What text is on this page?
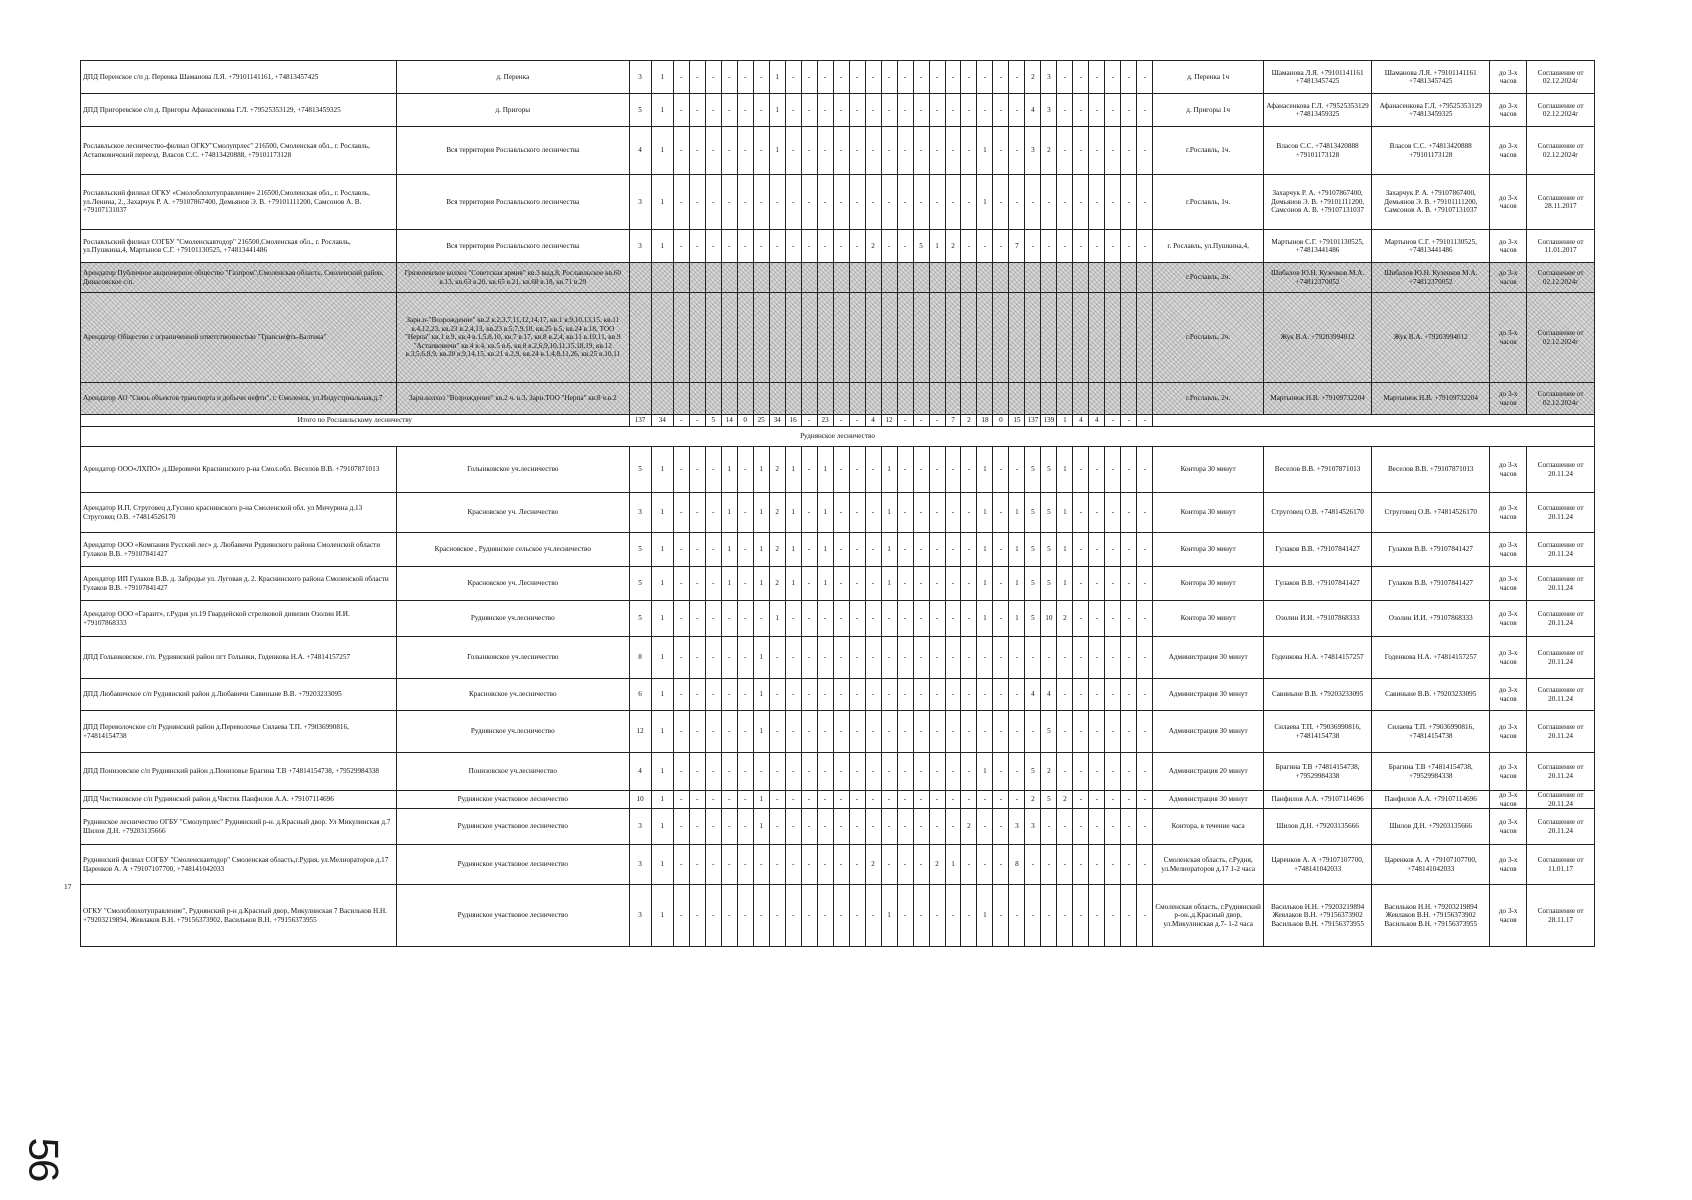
ДПД Перенское с/п д. Перенка Шаманова Л.Я. +79101141161, +74813457425	д. Перенка	3	1	-	-	-	-	-	-	1	-	-	-	-	-	-	-	-	-	-	-	-	-	-	-	2	3	-	-	-	-	-	-	д. Перенка 1ч	Шаманова Л.Я. +79101141161 +74813457425	Шаманова Л.Я. +79101141161 +74813457425	до 3-х часов	Соглашение от 02.12.2024г
ДПД Пригоревское с/п д. Пригоры Афанасенкова Г.Л. +79525353129, +74813459325	д. Пригоры	5	1	-	-	-	-	-	-	1	-	-	-	-	-	-	-	-	-	-	-	-	-	-	-	4	3	-	-	-	-	-	-	д. Пригоры 1ч	Афанасенкова Г.Л. +79525353129 +74813459325	Афанасенкова Г.Л. +79525353129 +74813459325	до 3-х часов	Соглашение от 02.12.2024г
Рославльское лесничество-филиал ОГКУ"Смолупрлес" 216500, Смоленская обл., г. Рославль, Астапковичский переезд. Власов С.С. +74813420888, +79101173128	Вся территория Рославльского лесничества	4	1	-	-	-	-	-	-	1	-	-	-	-	-	-	-	-	-	-	-	-	1	-	-	3	2	-	-	-	-	-	-	г.Рославль, 1ч.	Власов С.С. +74813420888 +79101173128	Власов С.С. +74813420888 +79101173128	до 3-х часов	Соглашение от 02.12.2024г
Рославльский филиал ОГКУ «Смолоблохотуправление» 216500,Смоленская обл., г. Рославль, ул.Ленина, 2., Захарчук Р. А. +79107867400, Демьянов Э. В. +79101111200, Самсонов А. В. +79107131037	Вся территория Рославльского лесничества	3	1	-	-	-	-	-	-	-	-	-	-	-	-	-	-	-	-	-	-	-	1	-	-	-	-	-	-	-	-	-	-	г.Рославль, 1ч.	Захарчук Р. А. +79107867400, Демьянов Э. В. +79101111200, Самсонов А. В. +79107131037	Захарчук Р. А. +79107867400, Демьянов Э. В. +79101111200, Самсонов А. В. +79107131037	до 3-х часов	Соглашение от 28.11.2017
Рославльский филиал СОГБУ "Смоленскавтодор" 216500,Смоленская обл., г. Рославль, ул.Пушкина,4, Мартынов С.Г. +79101130525, +74813441486	Вся территория Рославльского лесничества	3	1	-	-	-	-	-	-	-	-	-	-	-	-	2	-	-	5	1	2	-	-	-	7	-	-	-	-	-	-	-	-	г. Рославль, ул.Пушкина,4,	Мартынов С.Г. +79101130525, +74813441486	Мартынов С.Г. +79101130525, +74813441486	до 3-х часов	Соглашение от 11.01.2017
Арендатор Публичное акционерное общество "Газпром",Смоленская область, Смоленский район, Дивасовское с/п.	Грязеневское колхоз "Советская армия" кв.3 выд.8, Рославльское кв.60 в.13, кв.63 в.20, кв.65 в.21, кв.68 в.18, кв.71 в.29																																	г.Рославль, 2ч.	Шибалов Ю.Н. Кузенков М.А. +74812370052	Шибалов Ю.Н. Кузенков М.А. +74812370052	до 3-х часов	Соглашение от 02.12.2024г
Арендатор Общество с ограниченной ответственностью "Транснефть-Балтика"	Зарн.п-"Возрождение" кв.2 в.2,3,7,11,12,14,17, кв.1 в.9,10,13,15, кв.11 в.4,12,23, кв.23 в.2,4,13, кв.23 в.5,7,9,10, кв.25 в.5, кв.24 в.18, ТОО "Нерпа" кв.1 в.9, кв.4 в.1,5,8,10, кв.7 в.17, кв.8 в.2,4, кв.11 в.10,11, кв.9 "Астапковичи" кв.4 в.4, кв.5 в.6, кв.8 в.2,6,9,10,11,15,18,19, кв.12 в.3,5,6,8,9, кв.20 в.9,14,15, кв.21 в.2,9, кв.24 в.1,4,8,11,26, кв.25 в.10,11																																	г.Рославль, 2ч.	Жук В.А. +79203994012	Жук В.А. +79203994012	до 3-х часов	Соглашение от 02.12.2024г
Арендатор АО "Связь объектов транспорта и добычи нефти", г. Смоленск, ул.Индустриальная,д.7	Зарн.колхоз "Возрождение" кв.2 ч. в.3, Зарн.ТОО "Нерпа" кв.8 ч.в.2																																	г.Рославль, 2ч.	Мартынюк Н.В. +79109732204	Мартынюк Н.В. +79109732204	до 3-х часов	Соглашение от 02.12.2024г
Итого по Рославльскому лесничеству		137	34	-	-	5	14	0	25	34	16	-	23	-	-	4	12	-	-	-	7	2	18	0	15	137	139	1	4	4	-	-	-					
Руднянское лесничество																																						
Арендатор ООО«ЛХПО» д.Шеровичи Краснинского р-на Смол.обл. Веселов В.В. +79107871013	Голынковское уч.лесничество	5	1	-	-	-	1	-	1	2	1	-	1	-	-	-	1	-	-	-	-	-	1	-	-	5	5	1	-	-	-	-	-	Контора 30 минут	Веселов В.В. +79107871013	Веселов В.В. +79107871013	до 3-х часов	Соглашение от 20.11.24
Арендатор И.П. Струговец д.Гусино краснинского р-на Смоленской обл. ул Мичурина д.13 Струговец О.В. +74814526170	Красновское уч. Лесничество	3	1	-	-	-	1	-	1	2	1	-	1	-	-	-	1	-	-	-	-	-	1	-	1	5	5	1	-	-	-	-	-	Контора 30 минут	Струговец О.В. +74814526170	Струговец О.В. +74814526170	до 3-х часов	Соглашение от 20.11.24
Арендатор ООО «Компания Русский лес» д. Любавичи Руднянского района Смоленской области Гулаков В.В. +79107841427	Красновское , Руднянское сельское уч.лесничество	5	1	-	-	-	1	-	1	2	1	-	1	-	-	-	1	-	-	-	-	-	1	-	1	5	5	1	-	-	-	-	-	Контора 30 минут	Гулаков В.В. +79107841427	Гулаков В.В. +79107841427	до 3-х часов	Соглашение от 20.11.24
Арендатор ИП Гулаков В.В. д. Забродье ул. Луговая д. 2. Краснинского района Смоленской области Гулаков В.В. +79107841427	Красновское уч. Лесничество	5	1	-	-	-	1	-	1	2	1	-	1	-	-	-	1	-	-	-	-	-	1	-	1	5	5	1	-	-	-	-	-	Контора 30 минут	Гулаков В.В. +79107841427	Гулаков В.В. +79107841427	до 3-х часов	Соглашение от 20.11.24
Арендатор ООО «Гарант», г.Рудня ул.19 Гвардейской стрелковой дивизии Озолин И.И. +79107868333	Руднянское уч.лесничество	5	1	-	-	-	-	-	-	1	-	-	-	-	-	-	-	-	-	-	-	-	1	-	1	5	10	2	-	-	-	-	-	Контора 30 минут	Озолин И.И. +79107868333	Озолин И.И. +79107868333	до 3-х часов	Соглашение от 20.11.24
ДПД Голынковское. г/п. Руднянский район пгт Голынки, Годенкова Н.А. +74814157257	Голынковское уч.лесничество	8	1	-	-	-	-	-	1	-	-	-	-	-	-	-	-	-	-	-	-	-	-	-	-	-	-	-	-	-	-	-	-	Администрация 30 минут	Годенкова Н.А. +74814157257	Годенкова Н.А. +74814157257	до 3-х часов	Соглашение от 20.11.24
ДПД Любавичское с/п Руднянский район д.Любавичи Савиныне В.В. +79203233095	Красновское уч.лесничество	6	1	-	-	-	-	-	1	-	-	-	-	-	-	-	-	-	-	-	-	-	-	-	-	4	4	-	-	-	-	-	-	Администрация 30 минут	Савиныне В.В. +79203233095	Савиныне В.В. +79203233095	до 3-х часов	Соглашение от 20.11.24
ДПД Переволочское с/п Руднянский район д.Переволочье Силаева Т.П. +79036990816, +74814154738	Руднянское уч.лесничество	12	1	-	-	-	-	-	1	-	-	-	-	-	-	-	-	-	-	-	-	-	-	-	-	-	5	-	-	-	-	-	-	Администрация 30 минут	Силаева Т.П. +79036990816, +74814154738	Силаева Т.П. +79036990816, +74814154738	до 3-х часов	Соглашение от 20.11.24
ДПД Понизовское с/п Руднянский район д.Понизовье Брагина Т.В +74814154738, +79529984338	Понизовское уч.лесничество	4	1	-	-	-	-	-	-	-	-	-	-	-	-	-	-	-	-	-	-	-	1	-	-	5	2	-	-	-	-	-	-	Администрация 20 минут	Брагина Т.В +74814154738, +79529984338	Брагина Т.В +74814154738, +79529984338	до 3-х часов	Соглашение от 20.11.24
ДПД Чистиковское с/п Руднянский район д.Чистик Панфилов А.А. +79107114696	Руднянское участковое лесничество	10	1	-	-	-	-	-	1	-	-	-	-	-	-	-	-	-	-	-	-	-	-	-	-	2	5	2	-	-	-	-	-	Администрация 30 минут	Панфилов А.А. +79107114696	Панфилов А.А. +79107114696	до 3-х часов	Соглашение от 20.11.24
Руднянское лесничество ОГБУ "Смолупрлес" Руднянский р-н. д.Красный двор. Ул Микулинская д.7 Шилов Д.Н. +79203135666	Руднянское участковое лесничество	3	1	-	-	-	-	-	1	-	-	-	-	-	-	-	-	-	-	-	-	2	-	-	3	3	-	-	-	-	-	-	-	Контора, в течение часа	Шилов Д.Н. +79203135666	Шилов Д.Н. +79203135666	до 3-х часов	Соглашение от 20.11.24
Руднянский филиал СОГБУ "Смоленскавтодор" Смоленская область,г.Рудня, ул.Мелиораторов д.17 Царенков А. А +79107107700, +748141042033	Руднянское участковое лесничество	3	1	-	-	-	-	-	-	-	-	-	-	-	-	2	-	-	-	2	1	-	-	-	8	-	-	-	-	-	-	-	-	Смоленская область, г.Рудня, ул.Мелиораторов д.17 1-2 часа	Царенков А. А +79107107700, +748141042033	Царенков А. А +79107107700, +748141042033	до 3-х часов	Соглашение от 11.01.17
ОГКУ "Смолоблохотуправление", Руднянский р-н д.Красный двор, Микулинская 7 Васильков Н.Н. +79203219894, Жевлаков В.Н. +79156373902, Васильков В.Н. +79156373955	Руднянское участковое лесничество	3	1	-	-	-	-	-	-	-	-	-	-	-	-	-	1	-	-	-	-	-	1	-	-	-	-	-	-	-	-	-	-	Смоленская область, г.Руднянский р-он.,д.Красный двор, ул.Микулинская д.7- 1-2 часа	Васильков Н.Н. +79203219894 Жевлаков В.Н. +79156373902 Васильков В.Н. +79156373955	Васильков Н.Н. +79203219894 Жевлаков В.Н. +79156373902 Васильков В.Н. +79156373955	до 3-х часов	Соглашение от 28.11.17
17
56
